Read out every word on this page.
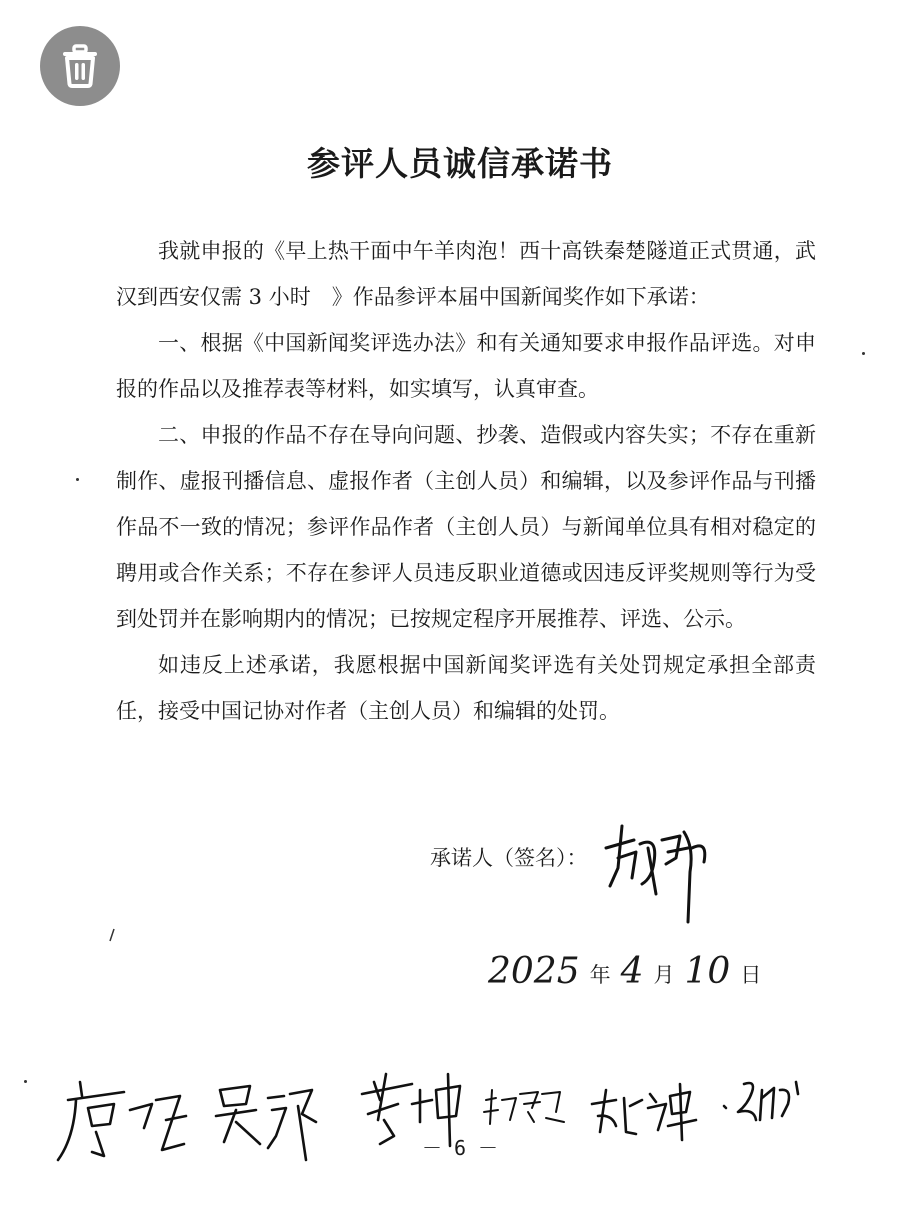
参评人员诚信承诺书

我就申报的《早上热干面中午羊肉泡！西十高铁秦楚隧道正式贯通，武汉到西安仅需 3 小时　》作品参评本届中国新闻奖作如下承诺：

一、根据《中国新闻奖评选办法》和有关通知要求申报作品评选。对申报的作品以及推荐表等材料，如实填写，认真审查。

二、申报的作品不存在导向问题、抄袭、造假或内容失实；不存在重新制作、虚报刊播信息、虚报作者（主创人员）和编辑，以及参评作品与刊播作品不一致的情况；参评作品作者（主创人员）与新闻单位具有相对稳定的聘用或合作关系；不存在参评人员违反职业道德或因违反评奖规则等行为受到处罚并在影响期内的情况；已按规定程序开展推荐、评选、公示。

如违反上述承诺，我愿根据中国新闻奖评选有关处罚规定承担全部责任，接受中国记协对作者（主创人员）和编辑的处罚。

承诺人（签名）：
2025 年 4 月 10 日
－ 6 －
